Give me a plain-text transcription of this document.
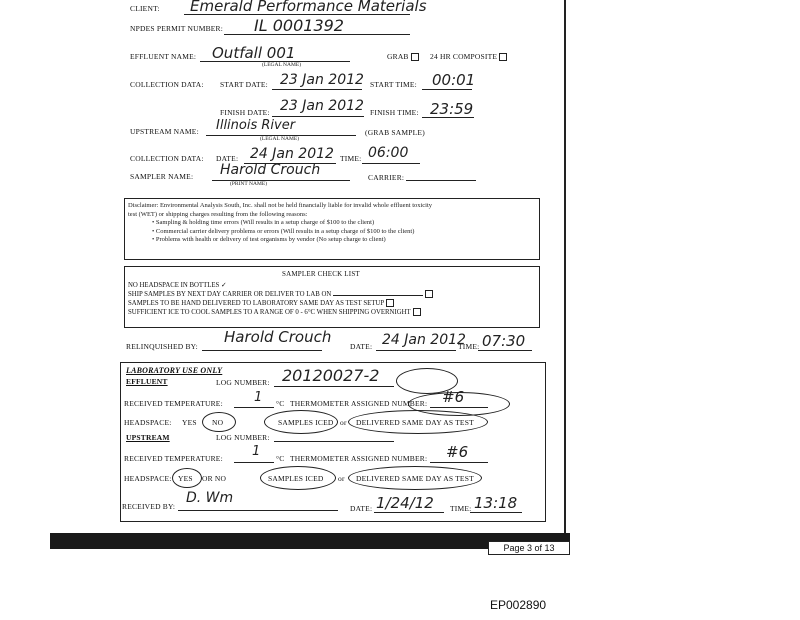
CLIENT: Emerald Performance Materials
NPDES PERMIT NUMBER: IL 0001392
EFFLUENT NAME: Outfall 001
(LEGAL NAME)
GRAB	24 HR COMPOSITE
COLLECTION DATA: START DATE: 23 Jan 2012 START TIME: 00:01
FINISH DATE: 23 Jan 2012 FINISH TIME: 23:59
UPSTREAM NAME: Illinois River
(LEGAL NAME)
(GRAB SAMPLE)
COLLECTION DATA: DATE: 24 Jan 2012 TIME: 06:00
SAMPLER NAME: Harold Crouch
(PRINT NAME)
CARRIER:
Disclaimer: Environmental Analysis South, Inc. shall not be held financially liable for invalid whole effluent toxicity
test (WET) or shipping charges resulting from the following reasons:
• Sampling & holding time errors (Will results in a setup charge of $100 to the client)
• Commercial carrier delivery problems or errors (Will results in a setup charge of $100 to the client)
• Problems with health or delivery of test organisms by vendor (No setup charge to client)
SAMPLER CHECK LIST
NO HEADSPACE IN BOTTLES ✓
SHIP SAMPLES BY NEXT DAY CARRIER OR DELIVER TO LAB ON
SAMPLES TO BE HAND DELIVERED TO LABORATORY SAME DAY AS TEST SETUP
SUFFICIENT ICE TO COOL SAMPLES TO A RANGE OF 0 - 6°C WHEN SHIPPING OVERNIGHT
RELINQUISHED BY:
Harold Crouch
DATE: 24 Jan 2012
TIME: 07:30
LABORATORY USE ONLY
EFFLUENT	LOG NUMBER: 20120027-2
RECEIVED TEMPERATURE: 1 °C THERMOMETER ASSIGNED NUMBER: #6
HEADSPACE: YES NO	SAMPLES ICED or DELIVERED SAME DAY AS TEST
UPSTREAM	LOG NUMBER:
RECEIVED TEMPERATURE: 1 °C THERMOMETER ASSIGNED NUMBER: #6
HEADSPACE: YES OR NO	SAMPLES ICED or DELIVERED SAME DAY AS TEST
RECEIVED BY:
D. Wm
DATE: 1/24/12 TIME: 13:18
Page 3 of 13
EP002890
